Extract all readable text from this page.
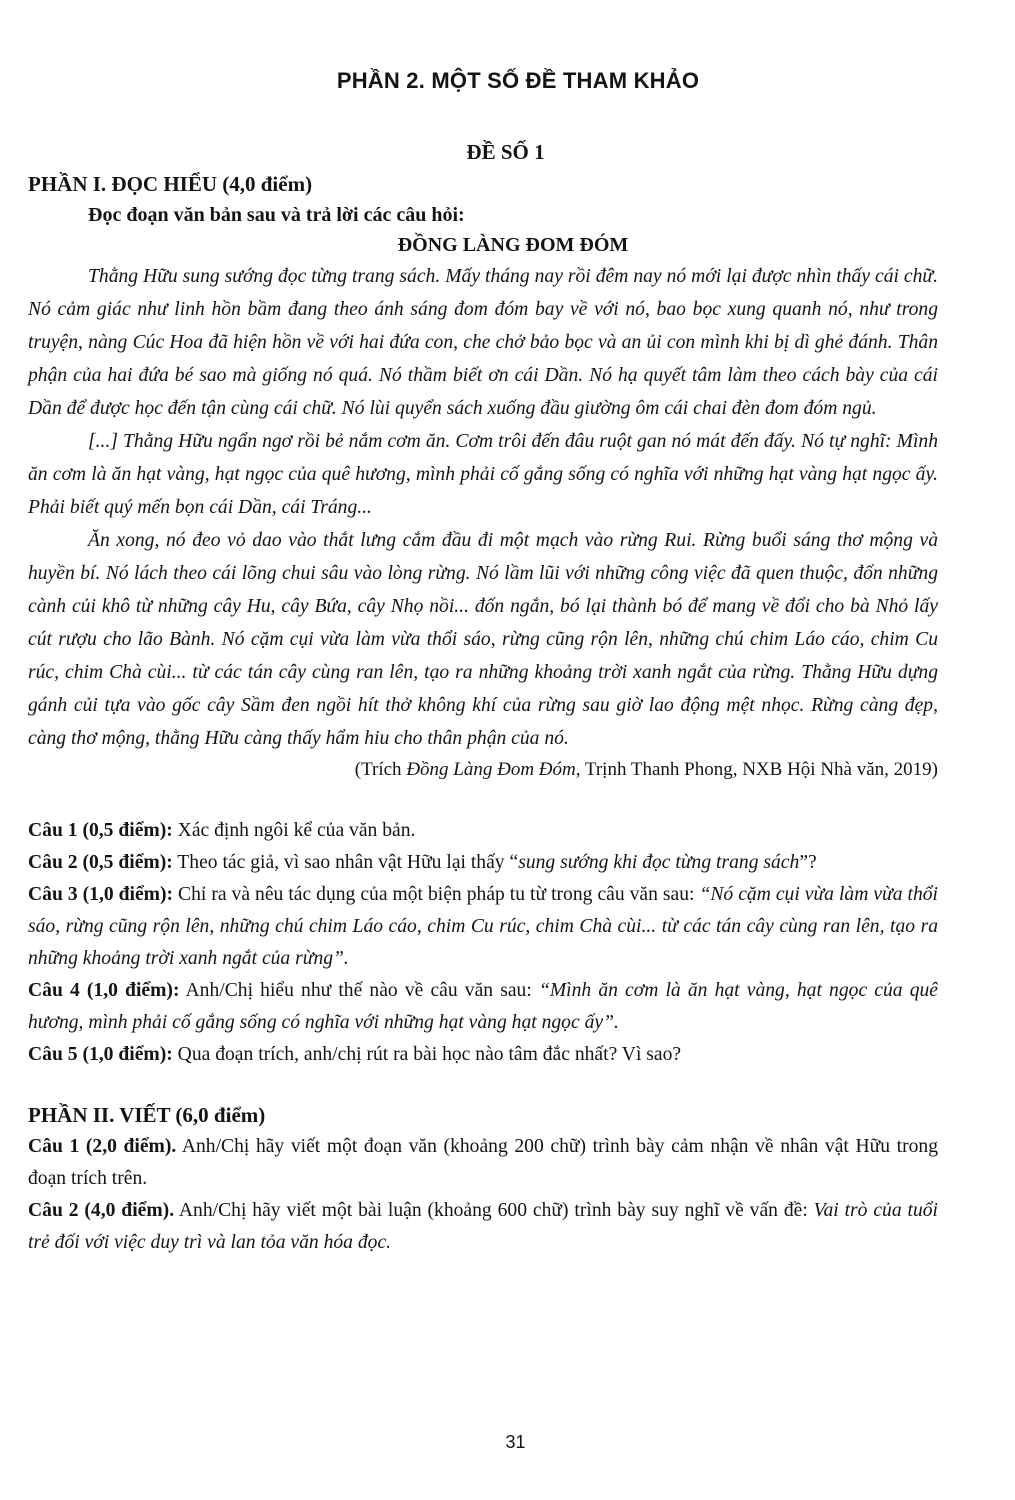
PHẦN 2. MỘT SỐ ĐỀ THAM KHẢO
ĐỀ SỐ 1

PHẦN I. ĐỌC HIỂU (4,0 điểm)

Đọc đoạn văn bản sau và trả lời các câu hỏi:

ĐỒNG LÀNG ĐOM ĐÓM

Thằng Hữu sung sướng đọc từng trang sách. Mấy tháng nay rồi đêm nay nó mới lại được nhìn thấy cái chữ. Nó cảm giác như linh hồn bầm đang theo ánh sáng đom đóm bay về với nó, bao bọc xung quanh nó, như trong truyện, nàng Cúc Hoa đã hiện hồn về với hai đứa con, che chở bảo bọc và an ủi con mình khi bị dì ghẻ đánh. Thân phận của hai đứa bé sao mà giống nó quá. Nó thầm biết ơn cái Dần. Nó hạ quyết tâm làm theo cách bày của cái Dần để được học đến tận cùng cái chữ. Nó lùi quyển sách xuống đầu giường ôm cái chai đèn đom đóm ngủ.

[...] Thằng Hữu ngẩn ngơ rồi bẻ nắm cơm ăn. Cơm trôi đến đâu ruột gan nó mát đến đấy. Nó tự nghĩ: Mình ăn cơm là ăn hạt vàng, hạt ngọc của quê hương, mình phải cố gắng sống có nghĩa với những hạt vàng hạt ngọc ấy. Phải biết quý mến bọn cái Dần, cái Tráng...

Ăn xong, nó đeo vỏ dao vào thắt lưng cắm đầu đi một mạch vào rừng Rui. Rừng buổi sáng thơ mộng và huyền bí. Nó lách theo cái lõng chui sâu vào lòng rừng. Nó lầm lũi với những công việc đã quen thuộc, đốn những cành củi khô từ những cây Hu, cây Bứa, cây Nhọ nồi... đốn ngắn, bó lại thành bó để mang về đổi cho bà Nhỏ lấy cút rượu cho lão Bành. Nó cặm cụi vừa làm vừa thổi sáo, rừng cũng rộn lên, những chú chim Láo cáo, chim Cu rúc, chim Chà cùi... từ các tán cây cùng ran lên, tạo ra những khoảng trời xanh ngắt của rừng. Thằng Hữu dựng gánh củi tựa vào gốc cây Sầm đen ngồi hít thở không khí của rừng sau giờ lao động mệt nhọc. Rừng càng đẹp, càng thơ mộng, thằng Hữu càng thấy hẩm hiu cho thân phận của nó.

(Trích Đồng Làng Đom Đóm, Trịnh Thanh Phong, NXB Hội Nhà văn, 2019)

Câu 1 (0,5 điểm): Xác định ngôi kể của văn bản.

Câu 2 (0,5 điểm): Theo tác giả, vì sao nhân vật Hữu lại thấy “sung sướng khi đọc từng trang sách”?

Câu 3 (1,0 điểm): Chỉ ra và nêu tác dụng của một biện pháp tu từ trong câu văn sau: “Nó cặm cụi vừa làm vừa thổi sáo, rừng cũng rộn lên, những chú chim Láo cáo, chim Cu rúc, chim Chà cùi... từ các tán cây cùng ran lên, tạo ra những khoảng trời xanh ngắt của rừng”.

Câu 4 (1,0 điểm): Anh/Chị hiểu như thế nào về câu văn sau: “Mình ăn cơm là ăn hạt vàng, hạt ngọc của quê hương, mình phải cố gắng sống có nghĩa với những hạt vàng hạt ngọc ấy”.

Câu 5 (1,0 điểm): Qua đoạn trích, anh/chị rút ra bài học nào tâm đắc nhất? Vì sao?

PHẦN II. VIẾT (6,0 điểm)

Câu 1 (2,0 điểm). Anh/Chị hãy viết một đoạn văn (khoảng 200 chữ) trình bày cảm nhận về nhân vật Hữu trong đoạn trích trên.

Câu 2 (4,0 điểm). Anh/Chị hãy viết một bài luận (khoảng 600 chữ) trình bày suy nghĩ về vấn đề: Vai trò của tuổi trẻ đối với việc duy trì và lan tỏa văn hóa đọc.

31
